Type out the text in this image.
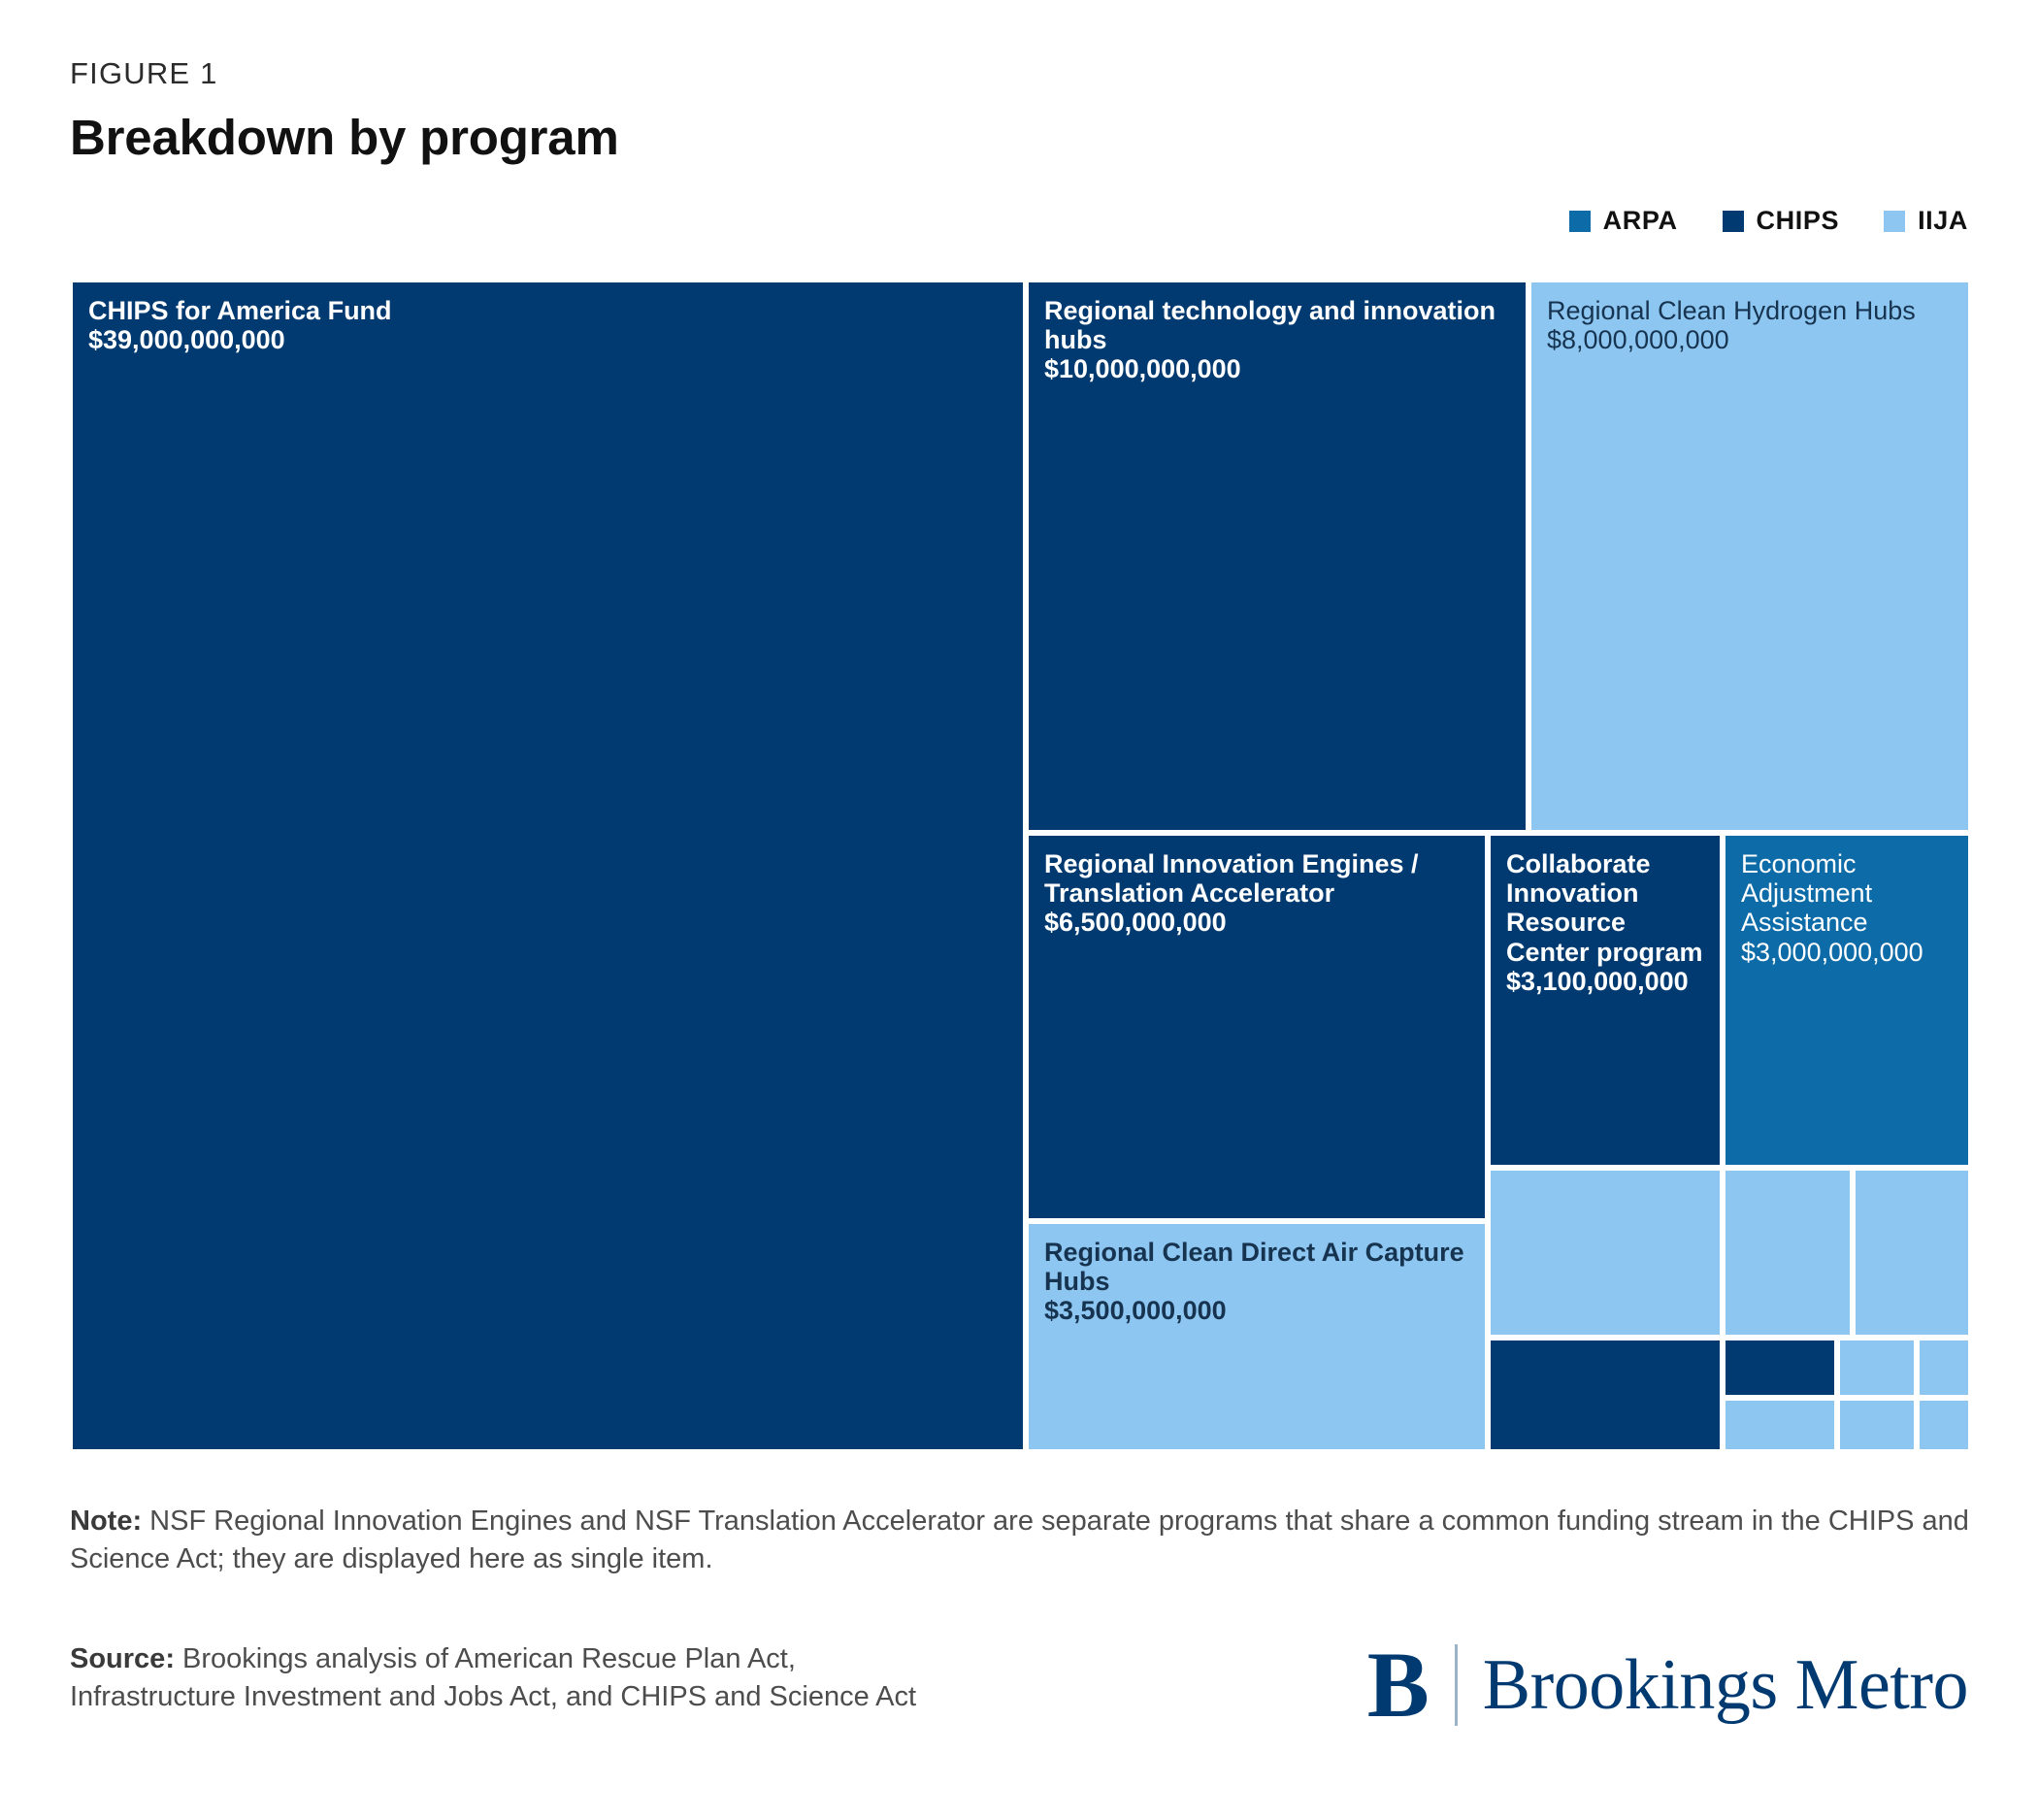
FIGURE 1
Breakdown by program
ARPA	CHIPS	IIJA
CHIPS for America Fund
$39,000,000,000
Regional technology and innovation hubs
$10,000,000,000
Regional Clean Hydrogen Hubs
$8,000,000,000
Regional Innovation Engines / Translation Accelerator
$6,500,000,000
Regional Clean Direct Air Capture Hubs
$3,500,000,000
Collaborate Innovation Resource Center program
$3,100,000,000
Economic Adjustment Assistance
$3,000,000,000
Note: NSF Regional Innovation Engines and NSF Translation Accelerator are separate programs that share a common funding stream in the CHIPS and Science Act; they are displayed here as single item.
Source: Brookings analysis of American Rescue Plan Act,
Infrastructure Investment and Jobs Act, and CHIPS and Science Act	B Brookings Metro
